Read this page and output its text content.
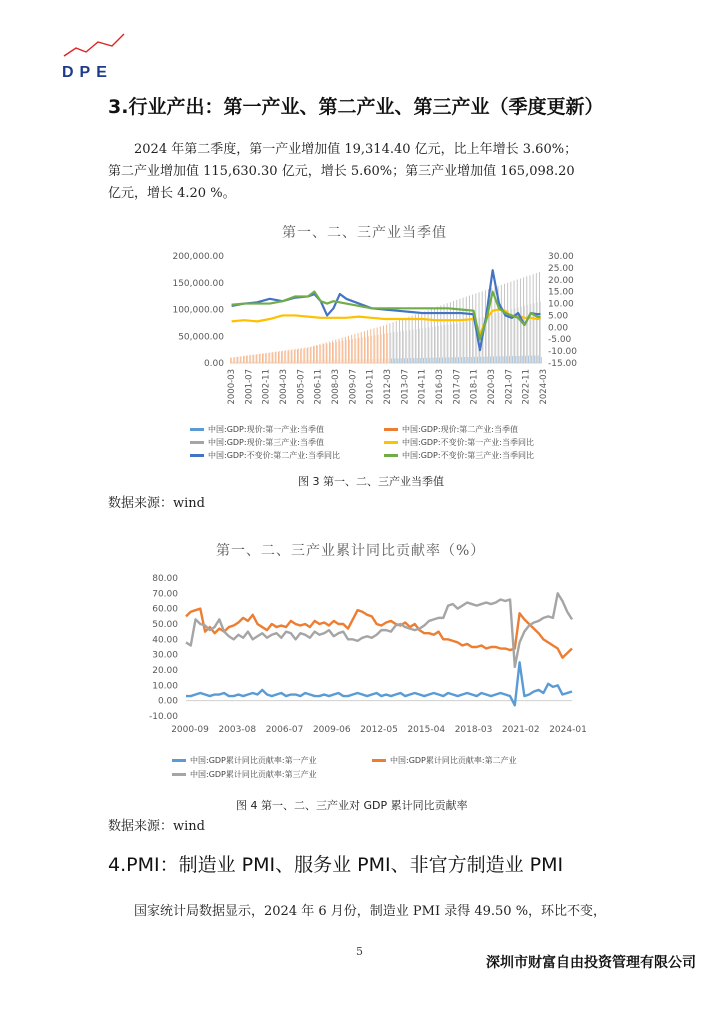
DPE
3.行业产出：第一产业、第二产业、第三产业（季度更新）
2024 年第二季度，第一产业增加值 19,314.40 亿元，比上年增长 3.60%；
第二产业增加值 115,630.30 亿元，增长 5.60%；第三产业增加值 165,098.20
亿元，增长 4.20 %。
第一、二、三产业当季值
0.00
50,000.00
100,000.00
150,000.00
200,000.00
-15.00
-10.00
-5.00
0.00
5.00
10.00
15.00
20.00
25.00
30.00
2000-03 2001-07 2002-11 2004-03 2005-07 2006-11 2008-03 2009-07 2010-11 2012-03 2013-07 2014-11 2016-03 2017-07 2018-11 2020-03 2021-07 2022-11 2024-03
中国:GDP:现价:第一产业:当季值	中国:GDP:现价:第二产业:当季值
中国:GDP:现价:第三产业:当季值	中国:GDP:不变价:第一产业:当季同比
中国:GDP:不变价:第二产业:当季同比	中国:GDP:不变价:第三产业:当季同比
图 3 第一、二、三产业当季值
数据来源：wind
第一、二、三产业累计同比贡献率（%）
-10.00
0.00
10.00
20.00
30.00
40.00
50.00
60.00
70.00
80.00
2000-09 2003-08 2006-07 2009-06 2012-05 2015-04 2018-03 2021-02 2024-01
中国:GDP累计同比贡献率:第一产业	中国:GDP累计同比贡献率:第二产业
中国:GDP累计同比贡献率:第三产业
图 4 第一、二、三产业对 GDP 累计同比贡献率
数据来源：wind
4.PMI：制造业 PMI、服务业 PMI、非官方制造业 PMI
国家统计局数据显示，2024 年 6 月份，制造业 PMI 录得 49.50 %，环比不变，
5
深圳市财富自由投资管理有限公司
